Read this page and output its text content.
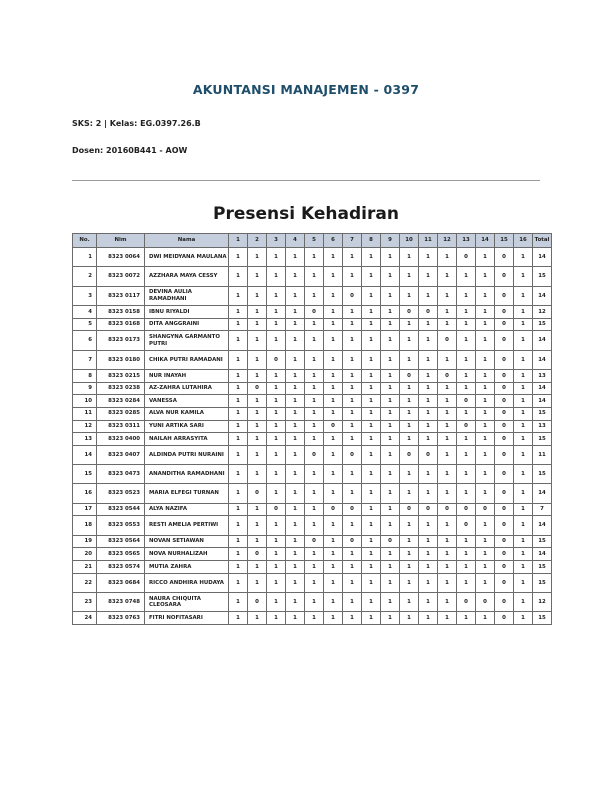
AKUNTANSI MANAJEMEN - 0397
SKS: 2 | Kelas: EG.0397.26.B
Dosen: 20160B441 - AOW
Presensi Kehadiran
No.	Nim	Nama	1	2	3	4	5	6	7	8	9	10	11	12	13	14	15	16	Total
1	8323 0064	DWI MEIDYANA MAULANA	1	1	1	1	1	1	1	1	1	1	1	1	0	1	0	1	14
2	8323 0072	AZZHARA MAYA CESSY	1	1	1	1	1	1	1	1	1	1	1	1	1	1	0	1	15
3	8323 0117	DEVINA AULIA RAMADHANI	1	1	1	1	1	1	0	1	1	1	1	1	1	1	0	1	14
4	8323 0158	IBNU RIYALDI	1	1	1	1	0	1	1	1	1	0	0	1	1	1	0	1	12
5	8323 0168	DITA ANGGRAINI	1	1	1	1	1	1	1	1	1	1	1	1	1	1	0	1	15
6	8323 0173	SHANGYNA GARMANTO PUTRI	1	1	1	1	1	1	1	1	1	1	1	0	1	1	0	1	14
7	8323 0180	CHIKA PUTRI RAMADANI	1	1	0	1	1	1	1	1	1	1	1	1	1	1	0	1	14
8	8323 0215	NUR INAYAH	1	1	1	1	1	1	1	1	1	0	1	0	1	1	0	1	13
9	8323 0238	AZ-ZAHRA LUTAHIRA	1	0	1	1	1	1	1	1	1	1	1	1	1	1	0	1	14
10	8323 0284	VANESSA	1	1	1	1	1	1	1	1	1	1	1	1	0	1	0	1	14
11	8323 0285	ALVA NUR KAMILA	1	1	1	1	1	1	1	1	1	1	1	1	1	1	0	1	15
12	8323 0311	YUNI ARTIKA SARI	1	1	1	1	1	0	1	1	1	1	1	1	0	1	0	1	13
13	8323 0400	NAILAH ARRASYITA	1	1	1	1	1	1	1	1	1	1	1	1	1	1	0	1	15
14	8323 0407	ALDINDA PUTRI NURAINI	1	1	1	1	0	1	0	1	1	0	0	1	1	1	0	1	11
15	8323 0473	ANANDITHA RAMADHANI	1	1	1	1	1	1	1	1	1	1	1	1	1	1	0	1	15
16	8323 0523	MARIA ELFEGI TURNAN	1	0	1	1	1	1	1	1	1	1	1	1	1	1	0	1	14
17	8323 0544	ALYA NAZIFA	1	1	0	1	1	0	0	1	1	0	0	0	0	0	0	1	7
18	8323 0553	RESTI AMELIA PERTIWI	1	1	1	1	1	1	1	1	1	1	1	1	0	1	0	1	14
19	8323 0564	NOVAN SETIAWAN	1	1	1	1	0	1	0	1	0	1	1	1	1	1	0	1	15
20	8323 0565	NOVA NURHALIZAH	1	0	1	1	1	1	1	1	1	1	1	1	1	1	0	1	14
21	8323 0574	MUTIA ZAHRA	1	1	1	1	1	1	1	1	1	1	1	1	1	1	0	1	15
22	8323 0684	RICCO ANDHIRA HUDAYA	1	1	1	1	1	1	1	1	1	1	1	1	1	1	0	1	15
23	8323 0748	NAURA CHIQUITA CLEOSARA	1	0	1	1	1	1	1	1	1	1	1	1	0	0	0	1	12
24	8323 0763	FITRI NOFITASARI	1	1	1	1	1	1	1	1	1	1	1	1	1	1	0	1	15
